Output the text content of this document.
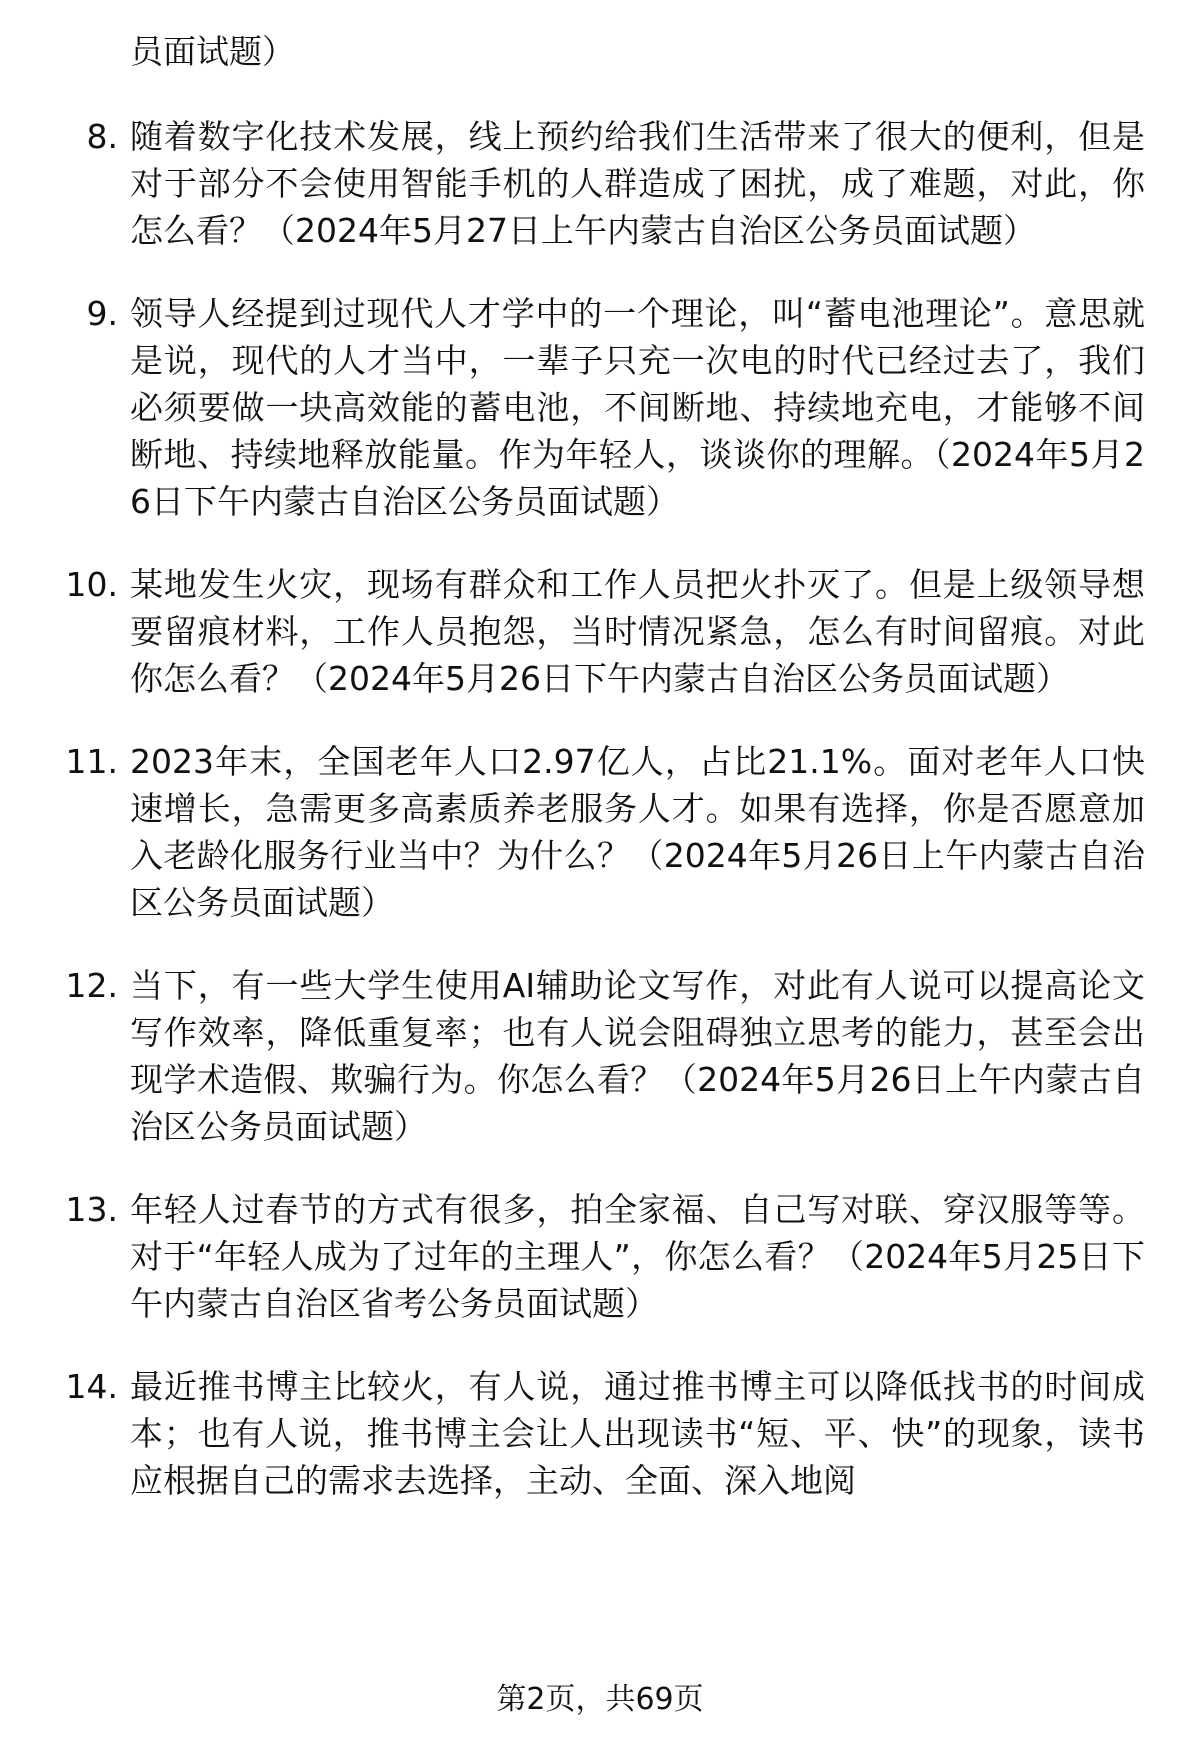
员面试题）
8. 随着数字化技术发展，线上预约给我们生活带来了很大的便利，但是对于部分不会使用智能手机的人群造成了困扰，成了难题，对此，你怎么看？（2024年5月27日上午内蒙古自治区公务员面试题）
9. 领导人经提到过现代人才学中的一个理论，叫“蓄电池理论”。意思就是说，现代的人才当中，一辈子只充一次电的时代已经过去了，我们必须要做一块高效能的蓄电池，不间断地、持续地充电，才能够不间断地、持续地释放能量。作为年轻人，谈谈你的理解。（2024年5月26日下午内蒙古自治区公务员面试题）
10. 某地发生火灾，现场有群众和工作人员把火扑灭了。但是上级领导想要留痕材料，工作人员抱怨，当时情况紧急，怎么有时间留痕。对此你怎么看？（2024年5月26日下午内蒙古自治区公务员面试题）
11. 2023年末，全国老年人口2.97亿人，占比21.1%。面对老年人口快速增长，急需更多高素质养老服务人才。如果有选择，你是否愿意加入老龄化服务行业当中？为什么？（2024年5月26日上午内蒙古自治区公务员面试题）
12. 当下，有一些大学生使用AI辅助论文写作，对此有人说可以提高论文写作效率，降低重复率；也有人说会阻碍独立思考的能力，甚至会出现学术造假、欺骗行为。你怎么看？（2024年5月26日上午内蒙古自治区公务员面试题）
13. 年轻人过春节的方式有很多，拍全家福、自己写对联、穿汉服等等。对于“年轻人成为了过年的主理人”，你怎么看？（2024年5月25日下午内蒙古自治区省考公务员面试题）
14. 最近推书博主比较火，有人说，通过推书博主可以降低找书的时间成本；也有人说，推书博主会让人出现读书“短、平、快”的现象，读书应根据自己的需求去选择，主动、全面、深入地阅
第2页，共69页
